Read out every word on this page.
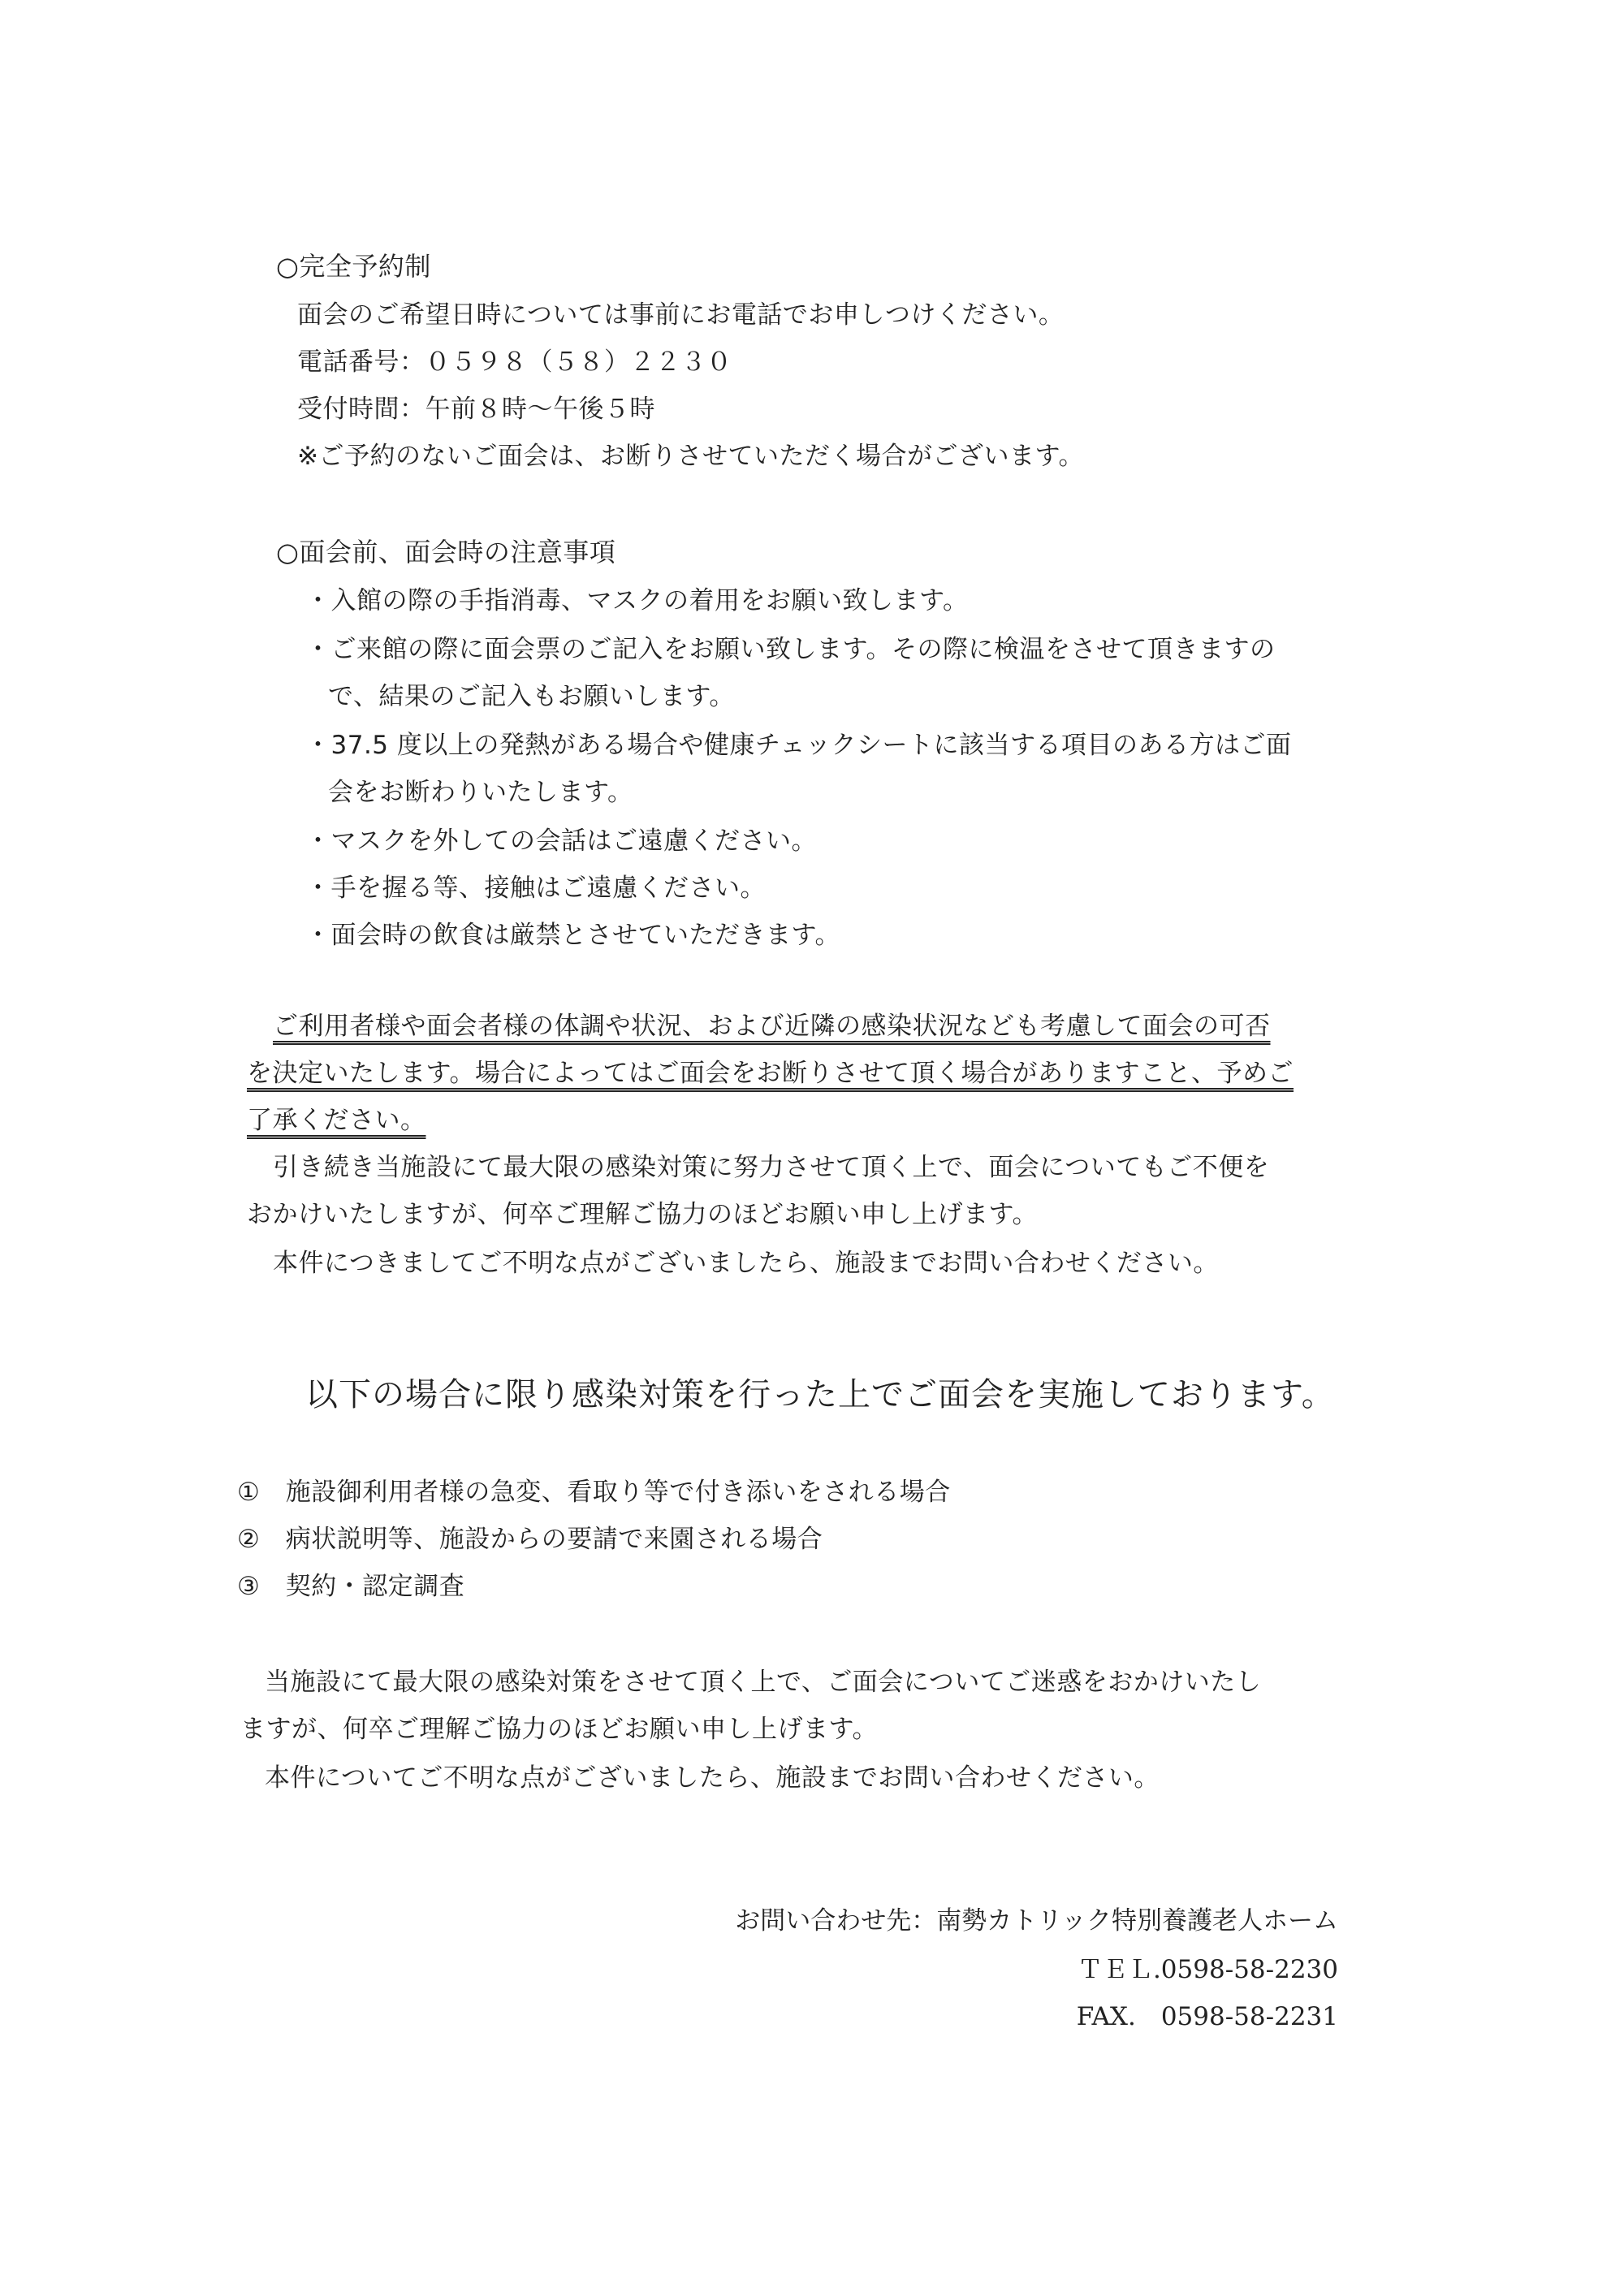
○完全予約制
面会のご希望日時については事前にお電話でお申しつけください。
電話番号：０５９８（５８）２２３０
受付時間：午前８時～午後５時
※ご予約のないご面会は、お断りさせていただく場合がございます。
○面会前、面会時の注意事項
・入館の際の手指消毒、マスクの着用をお願い致します。
・ご来館の際に面会票のご記入をお願い致します。その際に検温をさせて頂きますの
で、結果のご記入もお願いします。
・37.5 度以上の発熱がある場合や健康チェックシートに該当する項目のある方はご面
会をお断わりいたします。
・マスクを外しての会話はご遠慮ください。
・手を握る等、接触はご遠慮ください。
・面会時の飲食は厳禁とさせていただきます。
ご利用者様や面会者様の体調や状況、および近隣の感染状況なども考慮して面会の可否
を決定いたします。場合によってはご面会をお断りさせて頂く場合がありますこと、予めご
了承ください。
引き続き当施設にて最大限の感染対策に努力させて頂く上で、面会についてもご不便を
おかけいたしますが、何卒ご理解ご協力のほどお願い申し上げます。
本件につきましてご不明な点がございましたら、施設までお問い合わせください。
以下の場合に限り感染対策を行った上でご面会を実施しております。
①　施設御利用者様の急変、看取り等で付き添いをされる場合
②　病状説明等、施設からの要請で来園される場合
③　契約・認定調査
当施設にて最大限の感染対策をさせて頂く上で、ご面会についてご迷惑をおかけいたし
ますが、何卒ご理解ご協力のほどお願い申し上げます。
本件についてご不明な点がございましたら、施設までお問い合わせください。
お問い合わせ先：南勢カトリック特別養護老人ホーム
ＴＥＬ.0598-58-2230
FAX.　0598-58-2231
